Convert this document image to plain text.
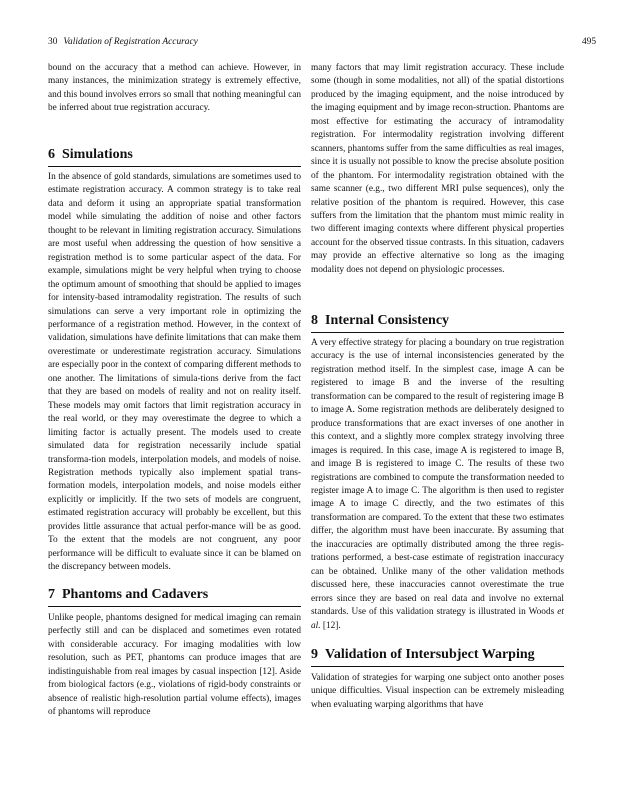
30 Validation of Registration Accuracy	495

bound on the accuracy that a method can achieve. However, in many instances, the minimization strategy is extremely effective, and this bound involves errors so small that nothing meaningful can be inferred about true registration accuracy.

6 Simulations

In the absence of gold standards, simulations are sometimes used to estimate registration accuracy. A common strategy is to take real data and deform it using an appropriate spatial transformation model while simulating the addition of noise and other factors thought to be relevant in limiting registration accuracy. Simulations are most useful when addressing the question of how sensitive a registration method is to some particular aspect of the data. For example, simulations might be very helpful when trying to choose the optimum amount of smoothing that should be applied to images for intensity-based intramodality registration. The results of such simulations can serve a very important role in optimizing the performance of a registration method. However, in the context of validation, simulations have definite limitations that can make them overestimate or underestimate registration accuracy. Simulations are especially poor in the context of comparing different methods to one another. The limitations of simula-tions derive from the fact that they are based on models of reality and not on reality itself. These models may omit factors that limit registration accuracy in the real world, or they may overestimate the degree to which a limiting factor is actually present. The models used to create simulated data for registration necessarily include spatial transforma-tion models, interpolation models, and models of noise. Registration methods typically also implement spatial trans-formation models, interpolation models, and noise models either explicitly or implicitly. If the two sets of models are congruent, estimated registration accuracy will probably be excellent, but this provides little assurance that actual perfor-mance will be as good. To the extent that the models are not congruent, any poor performance will be difficult to evaluate since it can be blamed on the discrepancy between models.

7 Phantoms and Cadavers

Unlike people, phantoms designed for medical imaging can remain perfectly still and can be displaced and sometimes even rotated with considerable accuracy. For imaging modalities with low resolution, such as PET, phantoms can produce images that are indistinguishable from real images by casual inspection [12]. Aside from biological factors (e.g., violations of rigid-body constraints or absence of realistic high-resolution partial volume effects), images of phantoms will reproduce

many factors that may limit registration accuracy. These include some (though in some modalities, not all) of the spatial distortions produced by the imaging equipment, and the noise introduced by the imaging equipment and by image recon-struction. Phantoms are most effective for estimating the accuracy of intramodality registration. For intermodality registration involving different scanners, phantoms suffer from the same difficulties as real images, since it is usually not possible to know the precise absolute position of the phantom. For intermodality registration obtained with the same scanner (e.g., two different MRI pulse sequences), only the relative position of the phantom is required. However, this case suffers from the limitation that the phantom must mimic reality in two different imaging contexts where different physical properties account for the observed tissue contrasts. In this situation, cadavers may provide an effective alternative so long as the imaging modality does not depend on physiologic processes.

8 Internal Consistency

A very effective strategy for placing a boundary on true registration accuracy is the use of internal inconsistencies generated by the registration method itself. In the simplest case, image A can be registered to image B and the inverse of the resulting transformation can be compared to the result of registering image B to image A. Some registration methods are deliberately designed to produce transformations that are exact inverses of one another in this context, and a slightly more complex strategy involving three images is required. In this case, image A is registered to image B, and image B is registered to image C. The results of these two registrations are combined to compute the transformation needed to register image A to image C. The algorithm is then used to register image A to image C directly, and the two estimates of this transformation are compared. To the extent that these two estimates differ, the algorithm must have been inaccurate. By assuming that the inaccuracies are optimally distributed among the three regis-trations performed, a best-case estimate of registration inaccuracy can be obtained. Unlike many of the other validation methods discussed here, these inaccuracies cannot overestimate the true errors since they are based on real data and involve no external standards. Use of this validation strategy is illustrated in Woods et al. [12].

9 Validation of Intersubject Warping

Validation of strategies for warping one subject onto another poses unique difficulties. Visual inspection can be extremely misleading when evaluating warping algorithms that have
